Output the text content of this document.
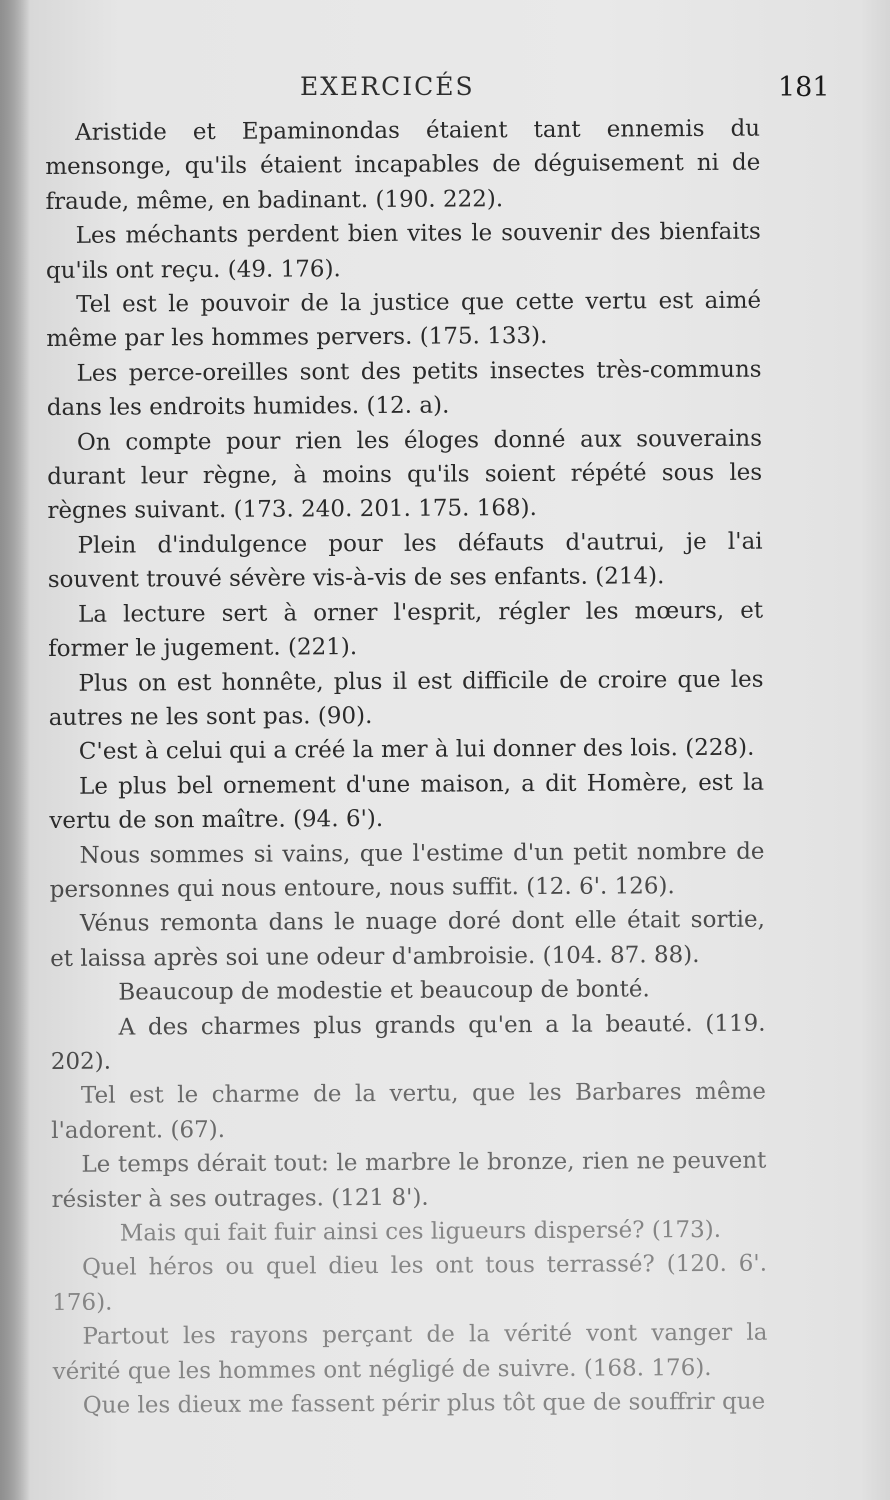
EXERCICÉS	181

Aristide et Epaminondas étaient tant ennemis du mensonge, qu'ils étaient incapables de déguisement ni de fraude, même, en badinant. (190. 222).

Les méchants perdent bien vites le souvenir des bienfaits qu'ils ont reçu. (49. 176).

Tel est le pouvoir de la justice que cette vertu est aimé même par les hommes pervers. (175. 133).

Les perce-oreilles sont des petits insectes très-communs dans les endroits humides. (12. a).

On compte pour rien les éloges donné aux souverains durant leur règne, à moins qu'ils soient répété sous les règnes suivant. (173. 240. 201. 175. 168).

Plein d'indulgence pour les défauts d'autrui, je l'ai souvent trouvé sévère vis-à-vis de ses enfants. (214).

La lecture sert à orner l'esprit, régler les mœurs, et former le jugement. (221).

Plus on est honnête, plus il est difficile de croire que les autres ne les sont pas. (90).

C'est à celui qui a créé la mer à lui donner des lois. (228).

Le plus bel ornement d'une maison, a dit Homère, est la vertu de son maître. (94. 6').

Nous sommes si vains, que l'estime d'un petit nombre de personnes qui nous entoure, nous suffit. (12. 6'. 126).

Vénus remonta dans le nuage doré dont elle était sortie, et laissa après soi une odeur d'ambroisie. (104. 87. 88).

Beaucoup de modestie et beaucoup de bonté.

A des charmes plus grands qu'en a la beauté. (119. 202).

Tel est le charme de la vertu, que les Barbares même l'adorent. (67).

Le temps dérait tout: le marbre le bronze, rien ne peuvent résister à ses outrages. (121 8').

Mais qui fait fuir ainsi ces ligueurs dispersé? (173).

Quel héros ou quel dieu les ont tous terrassé? (120. 6'. 176).

Partout les rayons perçant de la vérité vont vanger la vérité que les hommes ont négligé de suivre. (168. 176).

Que les dieux me fassent périr plus tôt que de souffrir que
